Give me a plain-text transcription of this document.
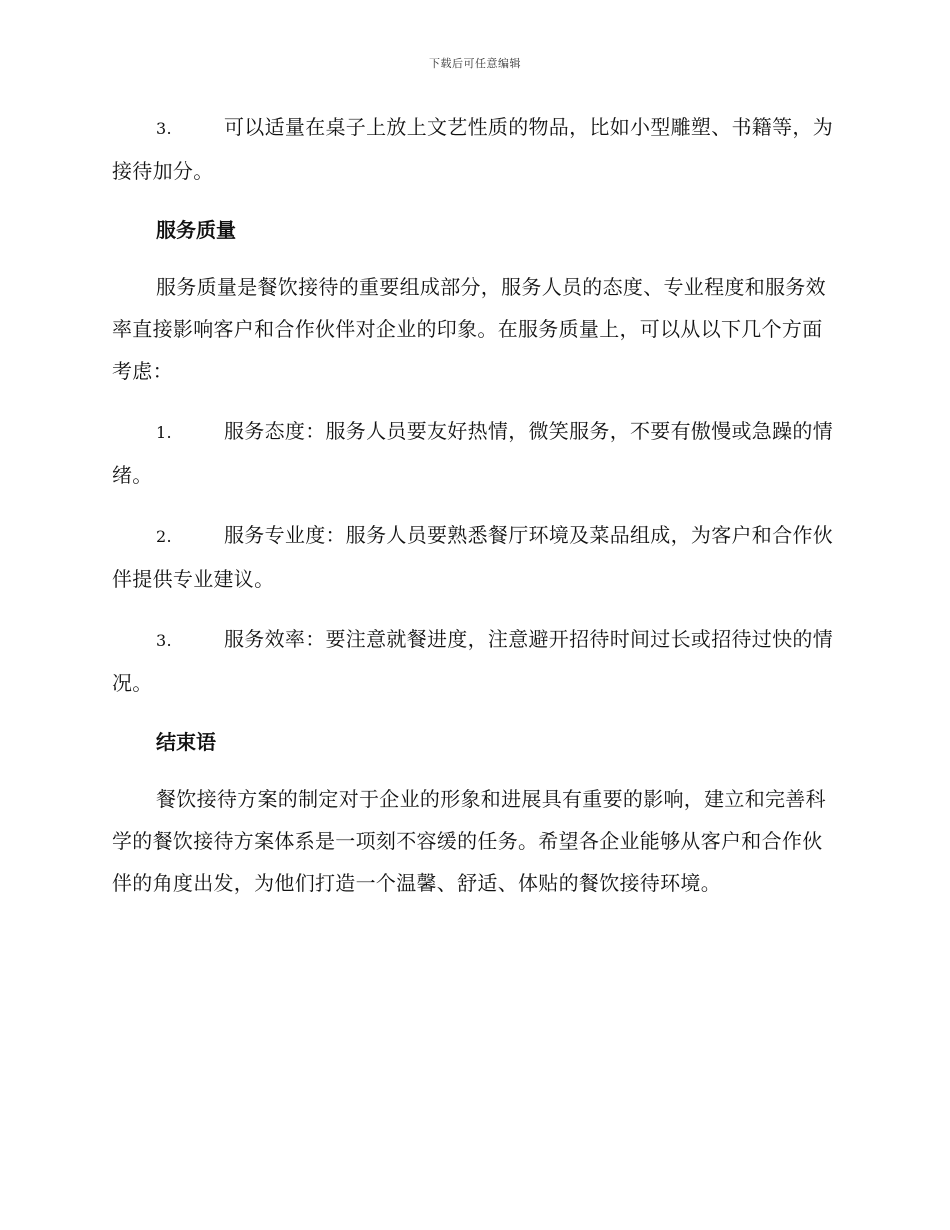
下载后可任意编辑

3.	可以适量在桌子上放上文艺性质的物品，比如小型雕塑、书籍等，为接待加分。

服务质量

服务质量是餐饮接待的重要组成部分，服务人员的态度、专业程度和服务效率直接影响客户和合作伙伴对企业的印象。在服务质量上，可以从以下几个方面考虑：

1.	服务态度：服务人员要友好热情，微笑服务，不要有傲慢或急躁的情绪。

2.	服务专业度：服务人员要熟悉餐厅环境及菜品组成，为客户和合作伙伴提供专业建议。

3.	服务效率：要注意就餐进度，注意避开招待时间过长或招待过快的情况。

结束语

餐饮接待方案的制定对于企业的形象和进展具有重要的影响，建立和完善科学的餐饮接待方案体系是一项刻不容缓的任务。希望各企业能够从客户和合作伙伴的角度出发，为他们打造一个温馨、舒适、体贴的餐饮接待环境。
